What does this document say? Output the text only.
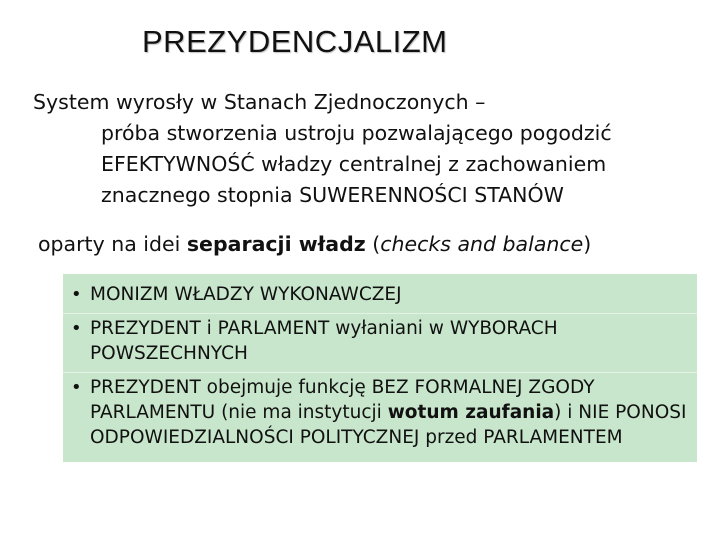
PREZYDENCJALIZM
System wyrosły w Stanach Zjednoczonych –
próba stworzenia ustroju pozwalającego pogodzić
EFEKTYWNOŚĆ władzy centralnej z zachowaniem
znacznego stopnia SUWERENNOŚCI STANÓW
oparty na idei separacji władz (checks and balance)
• MONIZM WŁADZY WYKONAWCZEJ
• PREZYDENT i PARLAMENT wyłaniani w WYBORACH POWSZECHNYCH
• PREZYDENT obejmuje funkcję BEZ FORMALNEJ ZGODY PARLAMENTU (nie ma instytucji wotum zaufania) i NIE PONOSI ODPOWIEDZIALNOŚCI POLITYCZNEJ przed PARLAMENTEM
